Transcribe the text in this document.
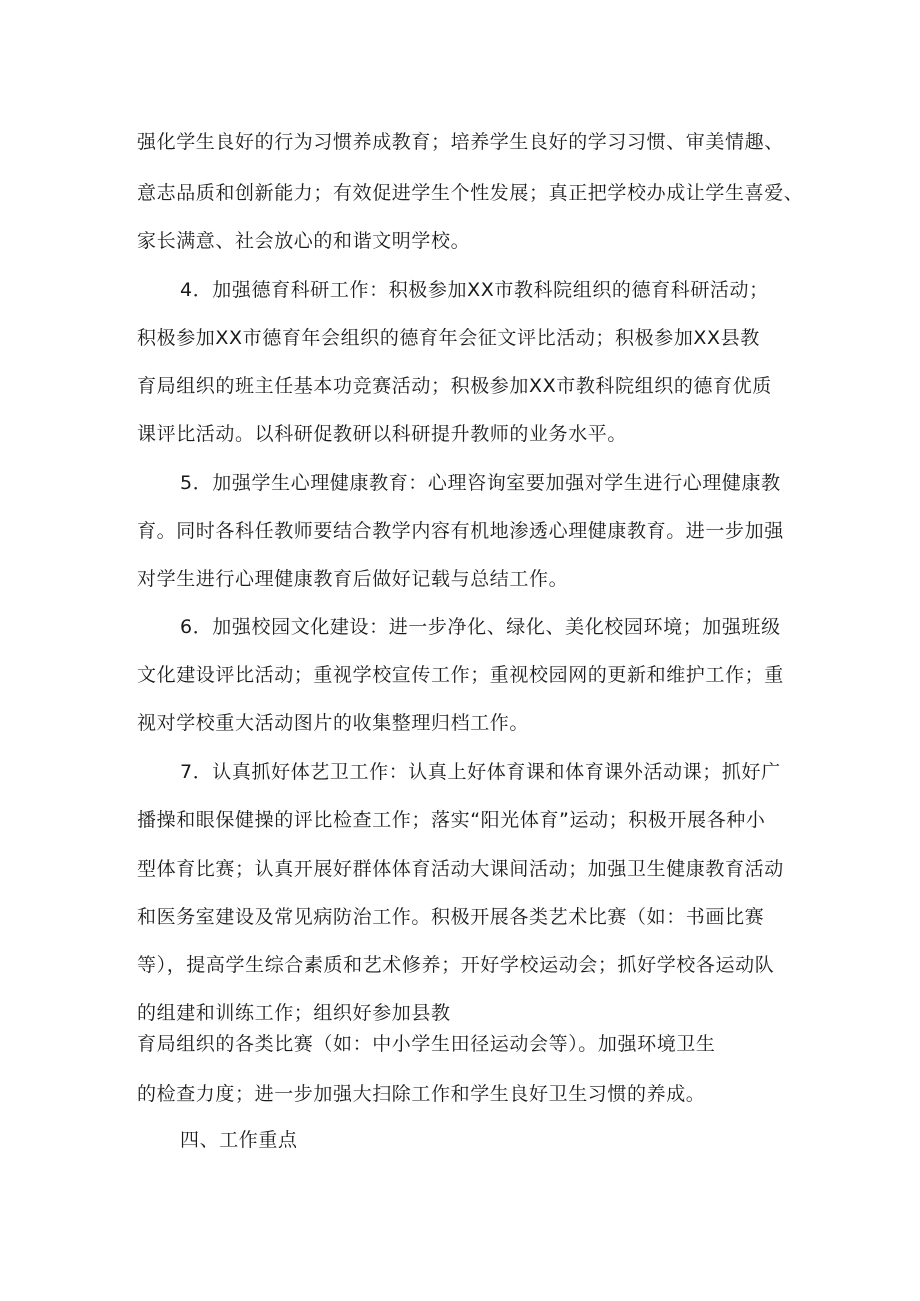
强化学生良好的行为习惯养成教育；培养学生良好的学习习惯、审美情趣、
意志品质和创新能力；有效促进学生个性发展；真正把学校办成让学生喜爱、
家长满意、社会放心的和谐文明学校。
4．加强德育科研工作：积极参加XX市教科院组织的德育科研活动；
积极参加XX市德育年会组织的德育年会征文评比活动；积极参加XX县教
育局组织的班主任基本功竞赛活动；积极参加XX市教科院组织的德育优质
课评比活动。以科研促教研以科研提升教师的业务水平。
5．加强学生心理健康教育：心理咨询室要加强对学生进行心理健康教
育。同时各科任教师要结合教学内容有机地渗透心理健康教育。进一步加强
对学生进行心理健康教育后做好记载与总结工作。
6．加强校园文化建设：进一步净化、绿化、美化校园环境；加强班级
文化建设评比活动；重视学校宣传工作；重视校园网的更新和维护工作；重
视对学校重大活动图片的收集整理归档工作。
7．认真抓好体艺卫工作：认真上好体育课和体育课外活动课；抓好广
播操和眼保健操的评比检查工作；落实“阳光体育”运动；积极开展各种小
型体育比赛；认真开展好群体体育活动大课间活动；加强卫生健康教育活动
和医务室建设及常见病防治工作。积极开展各类艺术比赛（如：书画比赛
等），提高学生综合素质和艺术修养；开好学校运动会；抓好学校各运动队
的组建和训练工作；组织好参加县教
育局组织的各类比赛（如：中小学生田径运动会等）。加强环境卫生
的检查力度；进一步加强大扫除工作和学生良好卫生习惯的养成。
四、工作重点
